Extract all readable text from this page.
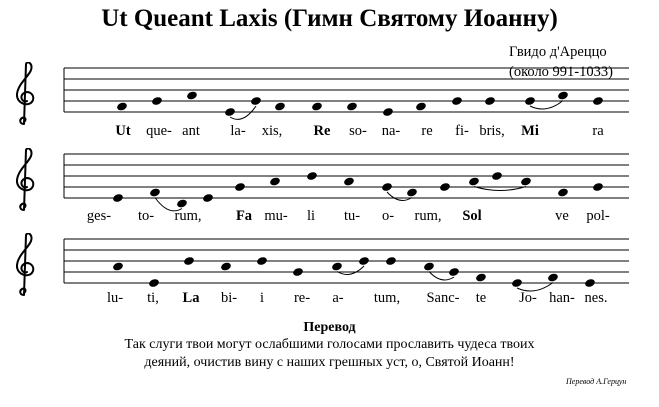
Ut Queant Laxis (Гимн Святому Иоанну)
Гвидо д'Ареццо
(около 991-1033)
Ut que- ant la- xis, Re so- na- re fi- bris, Mi	ra
ges- to- rum, Fa mu- li tu- o- rum, Sol	ve pol-
lu- ti, La bi- i re- a- tum, Sanc- te Jo- han- nes.
Перевод
Так слуги твои могут ослабшими голосами прославить чудеса твоих
деяний, очистив вину с наших грешных уст, о, Святой Иоанн!
Перевод А.Герцун
